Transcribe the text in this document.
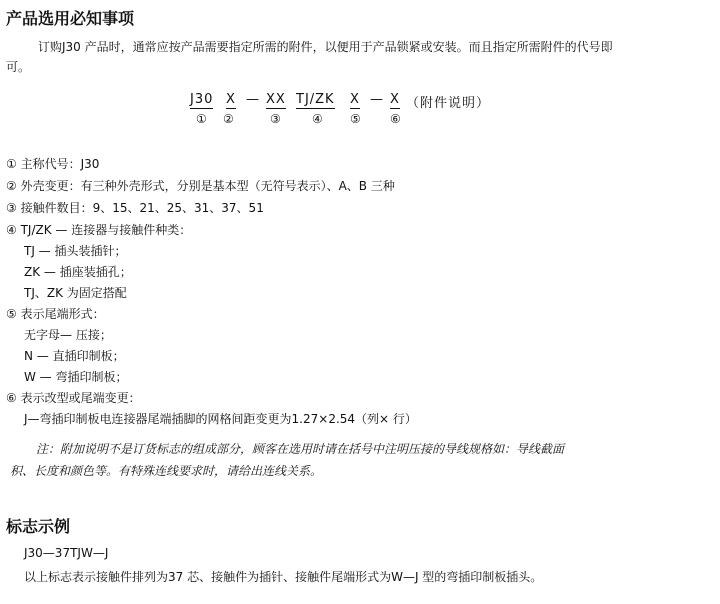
产品选用必知事项
订购J30 产品时，通常应按产品需要指定所需的附件，以便用于产品锁紧或安装。而且指定所需附件的代号即
可。
J30 X — XX TJ/ZK X — X （附件说明）
① ②	③	④ ⑤ ⑥
① 主称代号：J30
② 外壳变更：有三种外壳形式，分别是基本型（无符号表示）、A、B 三种
③ 接触件数目：9、15、21、25、31、37、51
④ TJ/ZK — 连接器与接触件种类：
TJ — 插头装插针；
ZK — 插座装插孔；
TJ、ZK 为固定搭配
⑤ 表示尾端形式：
无字母— 压接；
N — 直插印制板；
W — 弯插印制板；
⑥ 表示改型或尾端变更：
J—弯插印制板电连接器尾端插脚的网格间距变更为1.27×2.54（列× 行）
注：附加说明不是订货标志的组成部分，顾客在选用时请在括号中注明压接的导线规格如：导线截面
积、长度和颜色等。有特殊连线要求时，请给出连线关系。
标志示例
J30—37TJW—J
以上标志表示接触件排列为37 芯、接触件为插针、接触件尾端形式为W—J 型的弯插印制板插头。
